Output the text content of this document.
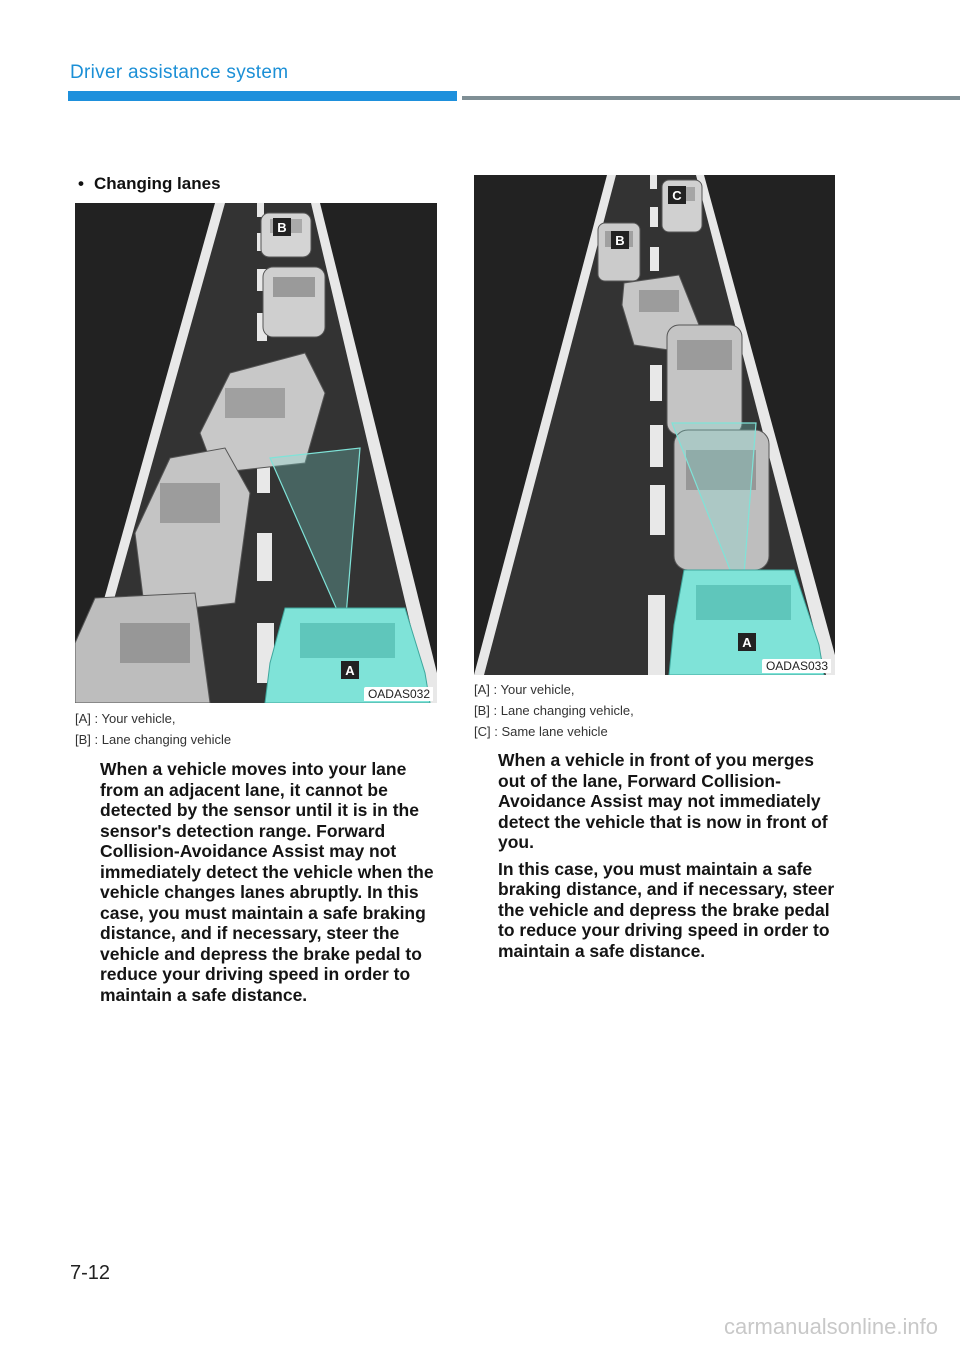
Driver assistance system
• Changing lanes
B
A
OADAS032
[A] : Your vehicle,
[B] : Lane changing vehicle

When a vehicle moves into your lane from an adjacent lane, it cannot be detected by the sensor until it is in the sensor's detection range. Forward Collision-Avoidance Assist may not immediately detect the vehicle when the vehicle changes lanes abruptly. In this case, you must maintain a safe braking distance, and if necessary, steer the vehicle and depress the brake pedal to reduce your driving speed in order to maintain a safe distance.

C
B
A
OADAS033
[A] : Your vehicle,
[B] : Lane changing vehicle,
[C] : Same lane vehicle

When a vehicle in front of you merges out of the lane, Forward Collision-Avoidance Assist may not immediately detect the vehicle that is now in front of you.

In this case, you must maintain a safe braking distance, and if necessary, steer the vehicle and depress the brake pedal to reduce your driving speed in order to maintain a safe distance.

7-12
carmanualsonline.info
